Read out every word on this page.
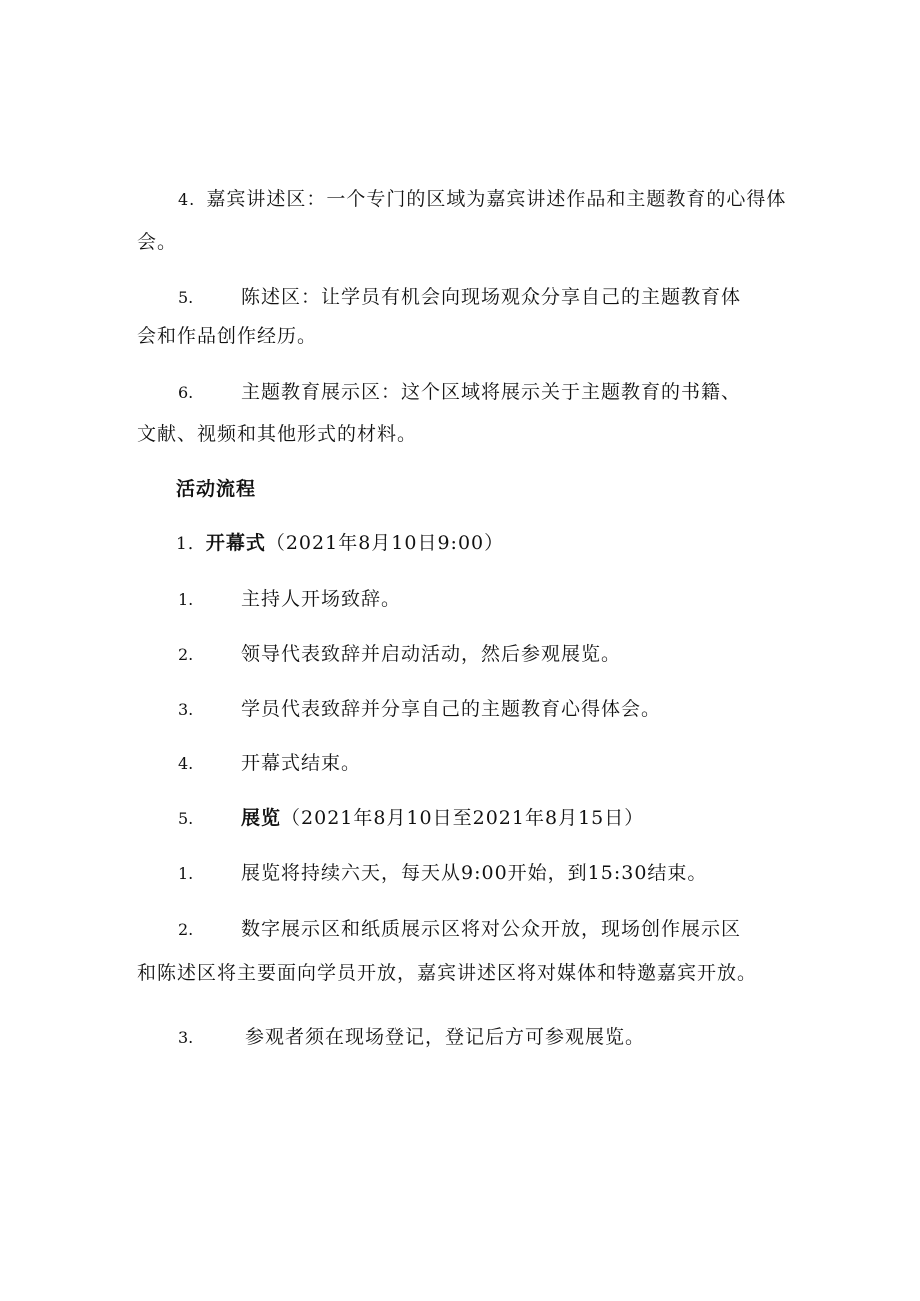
4. 嘉宾讲述区：一个专门的区域为嘉宾讲述作品和主题教育的心得体
会。
5.	陈述区：让学员有机会向现场观众分享自己的主题教育体
会和作品创作经历。
6.	主题教育展示区：这个区域将展示关于主题教育的书籍、
文献、视频和其他形式的材料。
活动流程
1．开幕式（2021年8月10日9:00）
1.	主持人开场致辞。
2.	领导代表致辞并启动活动，然后参观展览。
3.	学员代表致辞并分享自己的主题教育心得体会。
4.	开幕式结束。
5.	展览（2021年8月10日至2021年8月15日）
1.	展览将持续六天，每天从9:00开始，到15:30结束。
2.	数字展示区和纸质展示区将对公众开放，现场创作展示区
和陈述区将主要面向学员开放，嘉宾讲述区将对媒体和特邀嘉宾开放。
3.	参观者须在现场登记，登记后方可参观展览。
